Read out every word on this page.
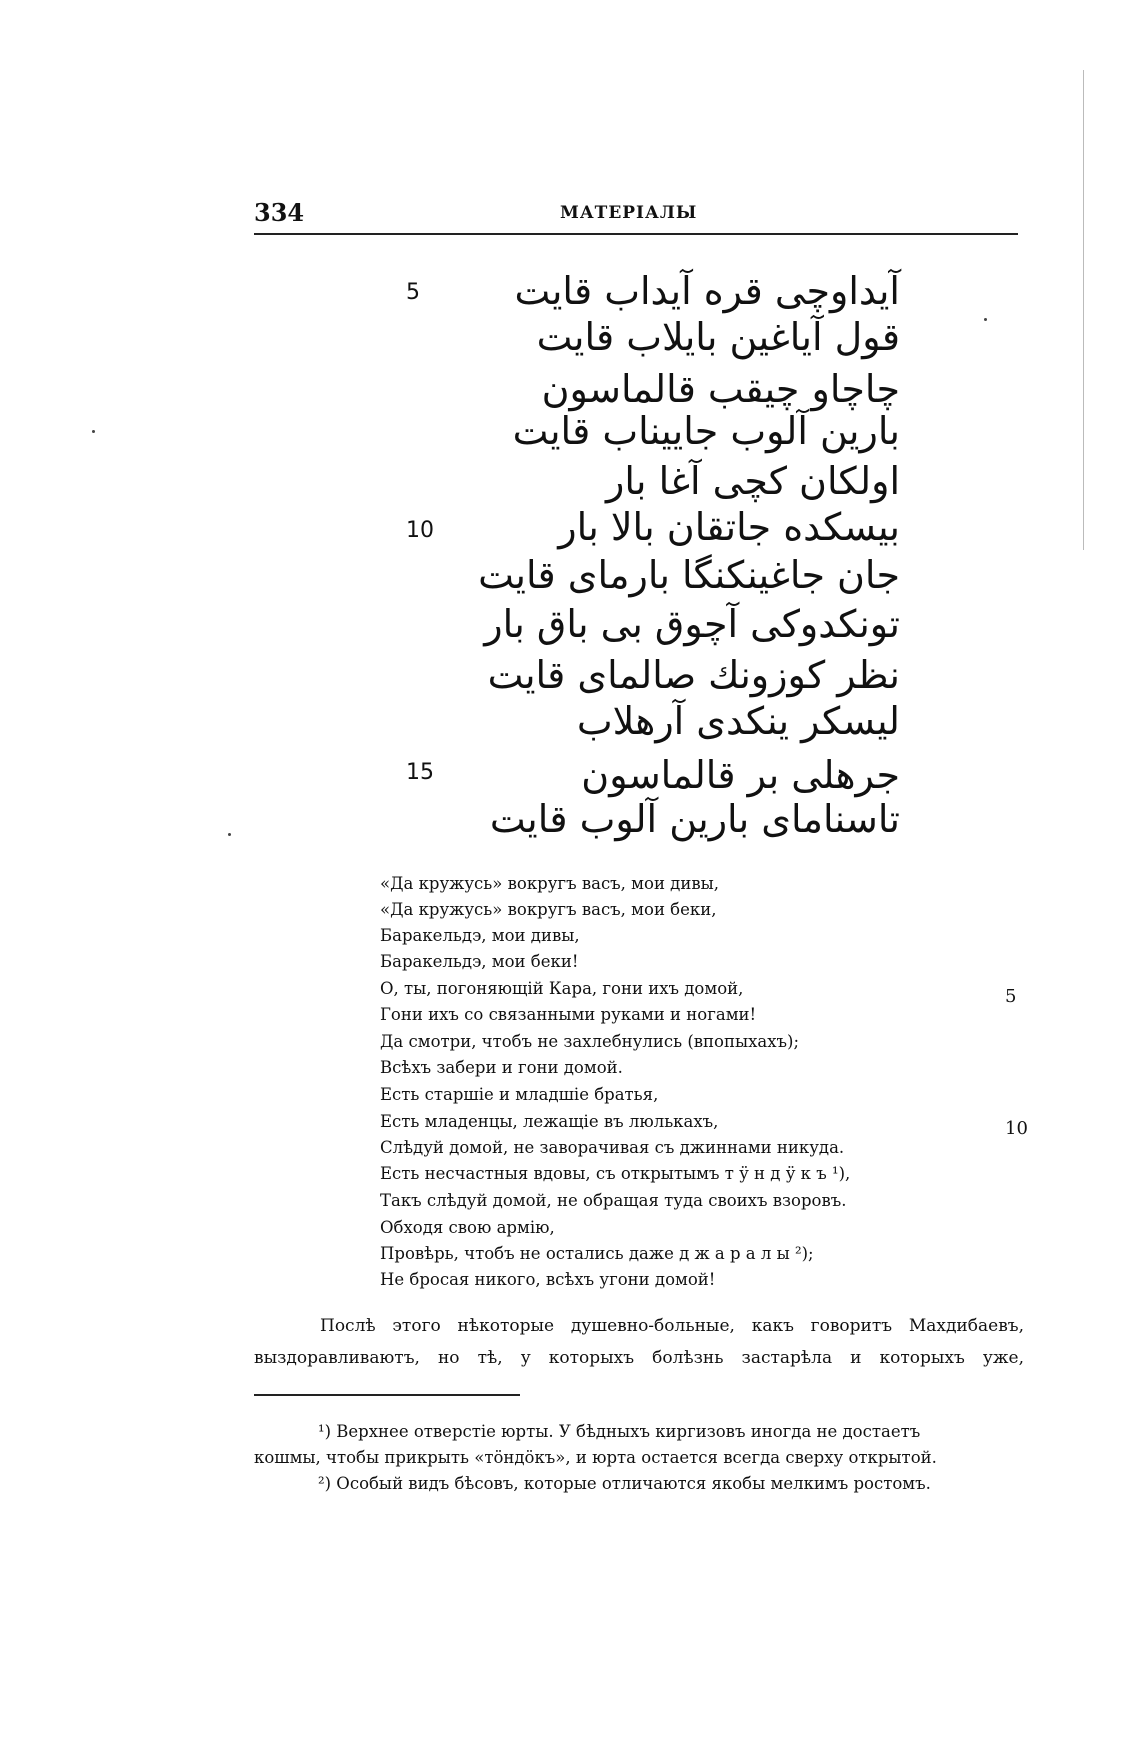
334	МАТЕРІАЛЫ
آیداوچی قره آیداب قایت
قول آیاغین بایلاب قایت
چاچاو چیقب قالماسون
بارین آلوب جاییناب قایت
اولکان کچی آغا بار
بیسکده جاتقان بالا بار
جان جاغینکنگا بارمای قایت
تونکدوکی آچوق بی باق بار
نظر کوزونك صالمای قایت
لیسکر ینکدی آرهلاب
جرهلی بر قالماسون
تاسنامای بارین آلوب قایت
5
10
15
«Да кружусь» вокругъ васъ, мои дивы,
«Да кружусь» вокругъ васъ, мои беки,
Баракельдэ, мои дивы,
Баракельдэ, мои беки!
О, ты, погоняющій Кара, гони ихъ домой,
Гони ихъ со связанными руками и ногами!
Да смотри, чтобъ не захлебнулись (впопыхахъ);
Всѣхъ забери и гони домой.
Есть старшіе и младшіе братья,
Есть младенцы, лежащіе въ люлькахъ,
Слѣдуй домой, не заворачивая съ джиннами никуда.
Есть несчастныя вдовы, съ открытымъ т ӱ н д ӱ к ъ ¹),
Такъ слѣдуй домой, не обращая туда своихъ взоровъ.
Обходя свою армію,
Провѣрь, чтобъ не остались даже д ж а р а л ы ²);
Не бросая никого, всѣхъ угони домой!
5
10
Послѣ этого нѣкоторые душевно-больные, какъ говоритъ Махдибаевъ,
выздоравливаютъ, но тѣ, у которыхъ болѣзнь застарѣла и которыхъ уже,
¹) Верхнее отверстіе юрты. У бѣдныхъ киргизовъ иногда не достаетъ
кошмы, чтобы прикрыть «тӧндӧкъ», и юрта остается всегда сверху открытой.
²) Особый видъ бѣсовъ, которые отличаются якобы мелкимъ ростомъ.
